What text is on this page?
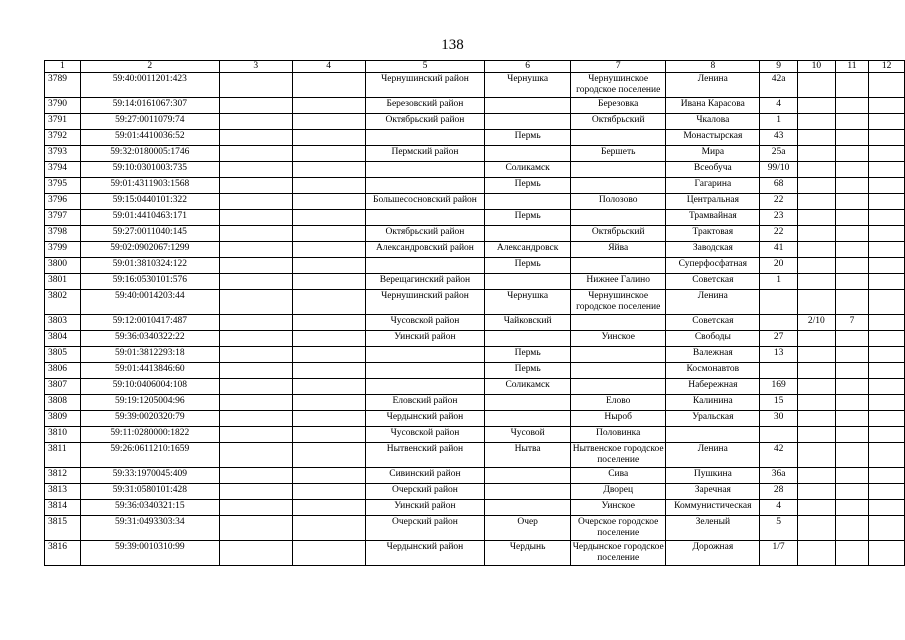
138
1	2	3	4	5	6	7	8	9	10	11	12
3789	59:40:0011201:423			Чернушинский район	Чернушка	Чернушинское городское поселение	Ленина	42а			
3790	59:14:0161067:307			Березовский район		Березовка	Ивана Карасова	4			
3791	59:27:0011079:74			Октябрьский район		Октябрьский	Чкалова	1			
3792	59:01:4410036:52				Пермь		Монастырская	43			
3793	59:32:0180005:1746			Пермский район		Бершеть	Мира	25а			
3794	59:10:0301003:735				Соликамск		Всеобуча	99/10			
3795	59:01:4311903:1568				Пермь		Гагарина	68			
3796	59:15:0440101:322			Большесосновский район		Полозово	Центральная	22			
3797	59:01:4410463:171				Пермь		Трамвайная	23			
3798	59:27:0011040:145			Октябрьский район		Октябрьский	Трактовая	22			
3799	59:02:0902067:1299			Александровский район	Александровск	Яйва	Заводская	41			
3800	59:01:3810324:122				Пермь		Суперфосфатная	20			
3801	59:16:0530101:576			Верещагинский район		Нижнее Галино	Советская	1			
3802	59:40:0014203:44			Чернушинский район	Чернушка	Чернушинское городское поселение	Ленина				
3803	59:12:0010417:487			Чусовской район	Чайковский		Советская		2/10	7	
3804	59:36:0340322:22			Уинский район		Уинское	Свободы	27			
3805	59:01:3812293:18				Пермь		Валежная	13			
3806	59:01:4413846:60				Пермь		Космонавтов				
3807	59:10:0406004:108				Соликамск		Набережная	169			
3808	59:19:1205004:96			Еловский район		Елово	Калинина	15			
3809	59:39:0020320:79			Чердынский район		Ныроб	Уральская	30			
3810	59:11:0280000:1822			Чусовской район	Чусовой	Половинка					
3811	59:26:0611210:1659			Нытвенский район	Нытва	Нытвенское городское поселение	Ленина	42			
3812	59:33:1970045:409			Сивинский район		Сива	Пушкина	36а			
3813	59:31:0580101:428			Очерский район		Дворец	Заречная	28			
3814	59:36:0340321:15			Уинский район		Уинское	Коммунистическая	4			
3815	59:31:0493303:34			Очерский район	Очер	Очерское городское поселение	Зеленый	5			
3816	59:39:0010310:99			Чердынский район	Чердынь	Чердынское городское поселение	Дорожная	1/7			
